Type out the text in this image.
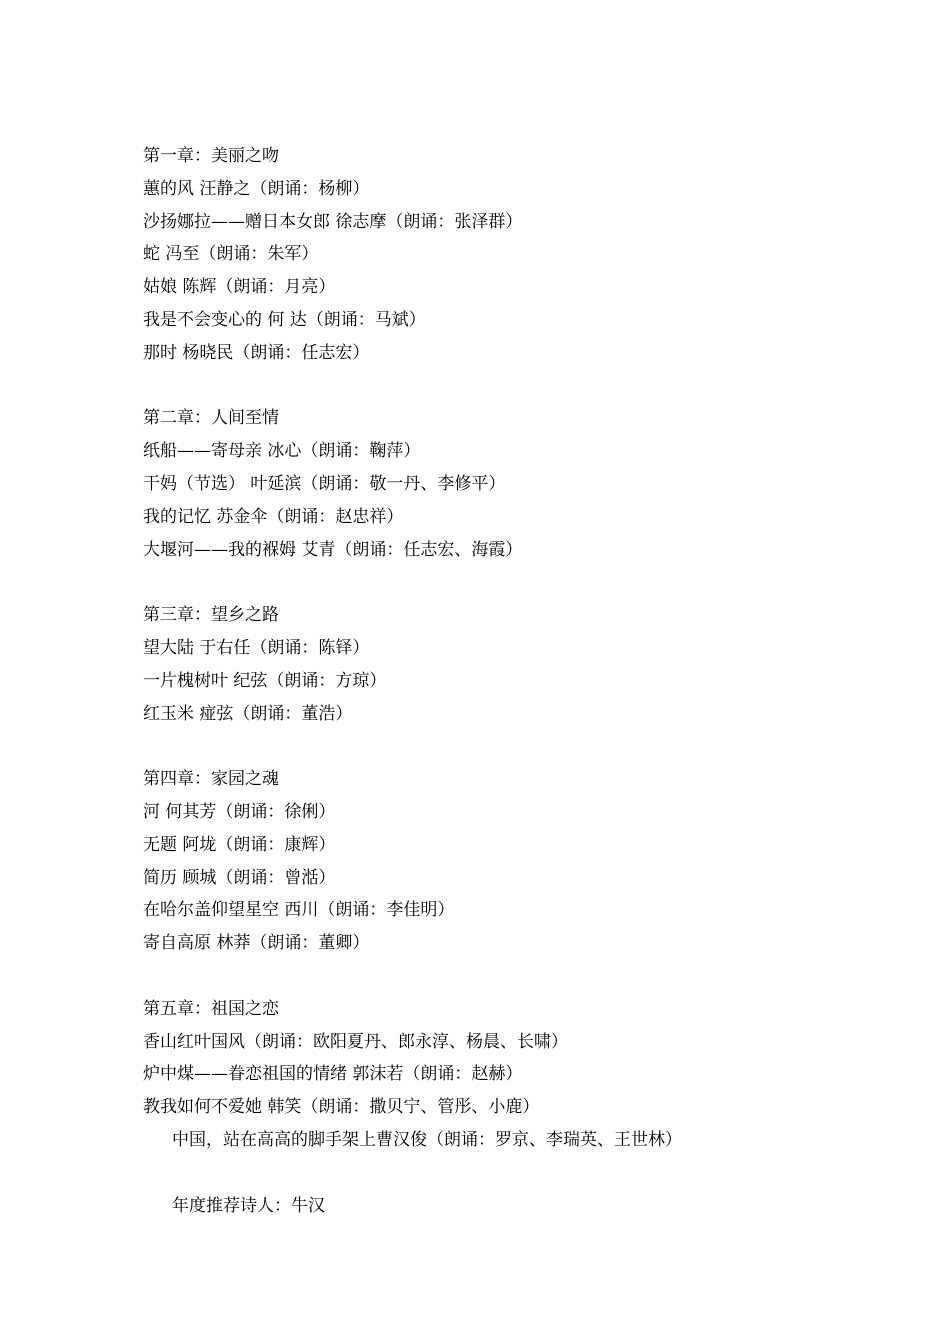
第一章：美丽之吻
蕙的风 汪静之（朗诵：杨柳）
沙扬娜拉——赠日本女郎 徐志摩（朗诵：张泽群）
蛇 冯至（朗诵：朱军）
姑娘 陈辉（朗诵：月亮）
我是不会变心的 何 达（朗诵：马斌）
那时 杨晓民（朗诵：任志宏）
第二章：人间至情
纸船——寄母亲 冰心（朗诵：鞠萍）
干妈（节选） 叶延滨（朗诵：敬一丹、李修平）
我的记忆 苏金伞（朗诵：赵忠祥）
大堰河——我的褓姆 艾青（朗诵：任志宏、海霞）
第三章：望乡之路
望大陆 于右任（朗诵：陈铎）
一片槐树叶 纪弦（朗诵：方琼）
红玉米 痖弦（朗诵：董浩）
第四章：家园之魂
河 何其芳（朗诵：徐俐）
无题 阿垅（朗诵：康辉）
简历 顾城（朗诵：曾湉）
在哈尔盖仰望星空 西川（朗诵：李佳明）
寄自高原 林莽（朗诵：董卿）
第五章：祖国之恋
香山红叶国风（朗诵：欧阳夏丹、郎永淳、杨晨、长啸）
炉中煤——眷恋祖国的情绪 郭沫若（朗诵：赵赫）
教我如何不爱她 韩笑（朗诵：撒贝宁、管彤、小鹿）
中国，站在高高的脚手架上曹汉俊（朗诵：罗京、李瑞英、王世林）
年度推荐诗人：牛汉
